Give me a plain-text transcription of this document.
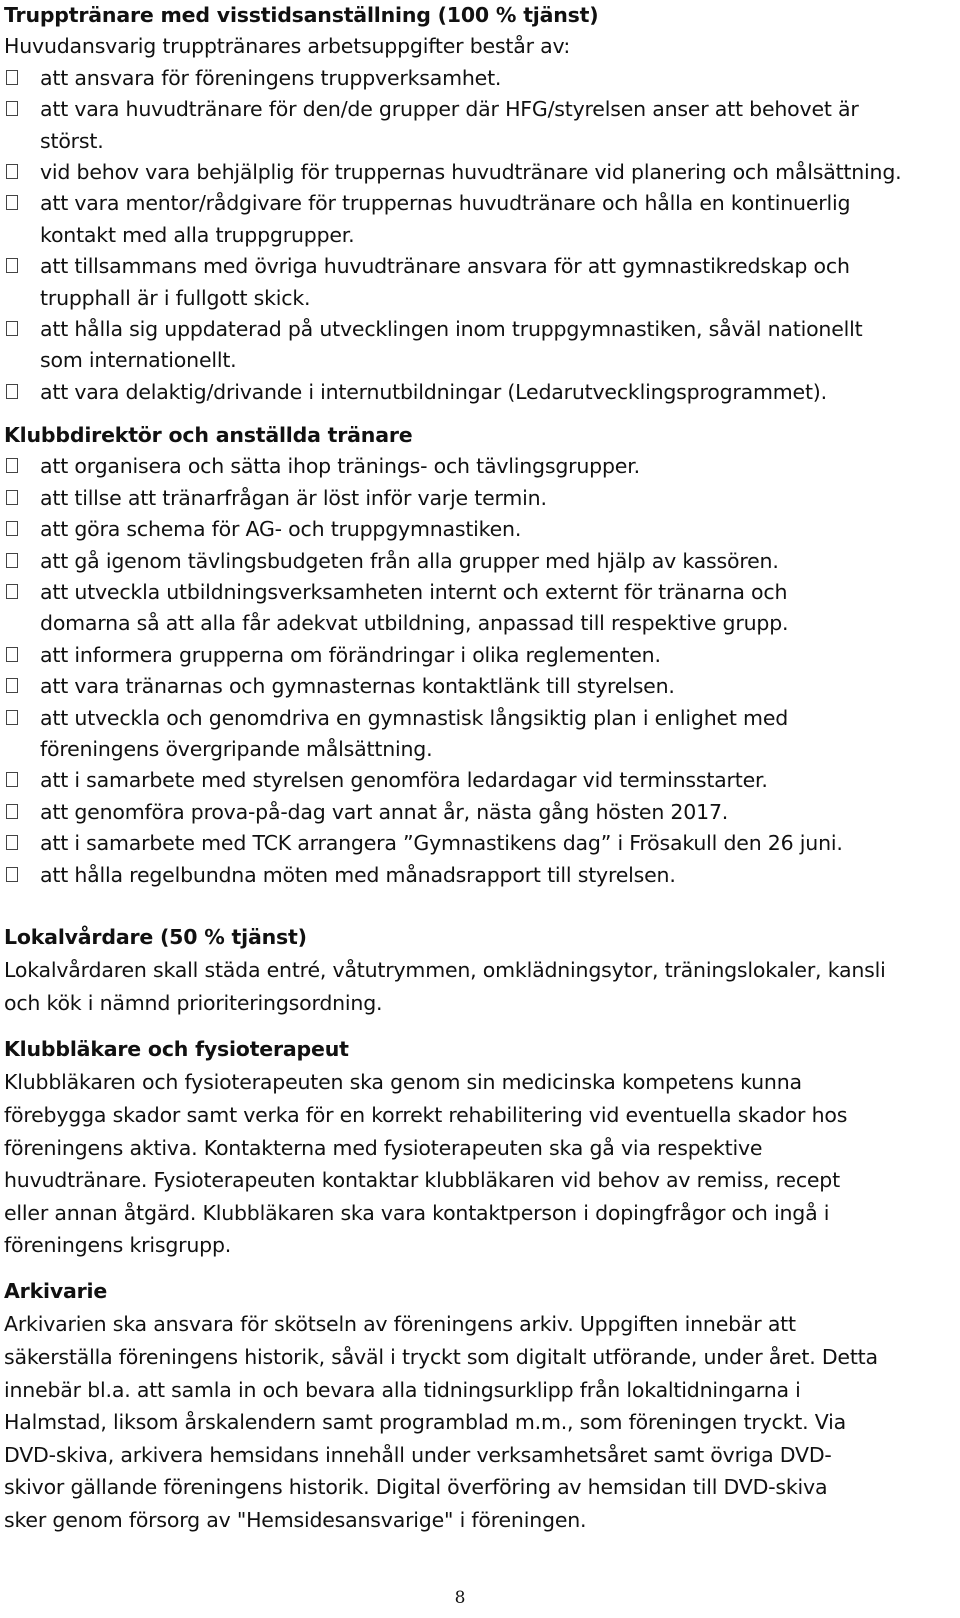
Trupptränare med visstidsanställning (100 % tjänst)
Huvudansvarig trupptränares arbetsuppgifter består av:
att ansvara för föreningens truppverksamhet.
att vara huvudtränare för den/de grupper där HFG/styrelsen anser att behovet är
störst.
vid behov vara behjälplig för truppernas huvudtränare vid planering och målsättning.
att vara mentor/rådgivare för truppernas huvudtränare och hålla en kontinuerlig
kontakt med alla truppgrupper.
att tillsammans med övriga huvudtränare ansvara för att gymnastikredskap och
trupphall är i fullgott skick.
att hålla sig uppdaterad på utvecklingen inom truppgymnastiken, såväl nationellt
som internationellt.
att vara delaktig/drivande i internutbildningar (Ledarutvecklingsprogrammet).
Klubbdirektör och anställda tränare
att organisera och sätta ihop tränings- och tävlingsgrupper.
att tillse att tränarfrågan är löst inför varje termin.
att göra schema för AG- och truppgymnastiken.
att gå igenom tävlingsbudgeten från alla grupper med hjälp av kassören.
att utveckla utbildningsverksamheten internt och externt för tränarna och
domarna så att alla får adekvat utbildning, anpassad till respektive grupp.
att informera grupperna om förändringar i olika reglementen.
att vara tränarnas och gymnasternas kontaktlänk till styrelsen.
att utveckla och genomdriva en gymnastisk långsiktig plan i enlighet med
föreningens övergripande målsättning.
att i samarbete med styrelsen genomföra ledardagar vid terminsstarter.
att genomföra prova-på-dag vart annat år, nästa gång hösten 2017.
att i samarbete med TCK arrangera ”Gymnastikens dag” i Frösakull den 26 juni.
att hålla regelbundna möten med månadsrapport till styrelsen.
Lokalvårdare (50 % tjänst)
Lokalvårdaren skall städa entré, våtutrymmen, omklädningsytor, träningslokaler, kansli
och kök i nämnd prioriteringsordning.
Klubbläkare och fysioterapeut
Klubbläkaren och fysioterapeuten ska genom sin medicinska kompetens kunna
förebygga skador samt verka för en korrekt rehabilitering vid eventuella skador hos
föreningens aktiva. Kontakterna med fysioterapeuten ska gå via respektive
huvudtränare. Fysioterapeuten kontaktar klubbläkaren vid behov av remiss, recept
eller annan åtgärd. Klubbläkaren ska vara kontaktperson i dopingfrågor och ingå i
föreningens krisgrupp.
Arkivarie
Arkivarien ska ansvara för skötseln av föreningens arkiv. Uppgiften innebär att
säkerställa föreningens historik, såväl i tryckt som digitalt utförande, under året. Detta
innebär bl.a. att samla in och bevara alla tidningsurklipp från lokaltidningarna i
Halmstad, liksom årskalendern samt programblad m.m., som föreningen tryckt. Via
DVD-skiva, arkivera hemsidans innehåll under verksamhetsåret samt övriga DVD-
skivor gällande föreningens historik. Digital överföring av hemsidan till DVD-skiva
sker genom försorg av "Hemsidesansvarige" i föreningen.
8
